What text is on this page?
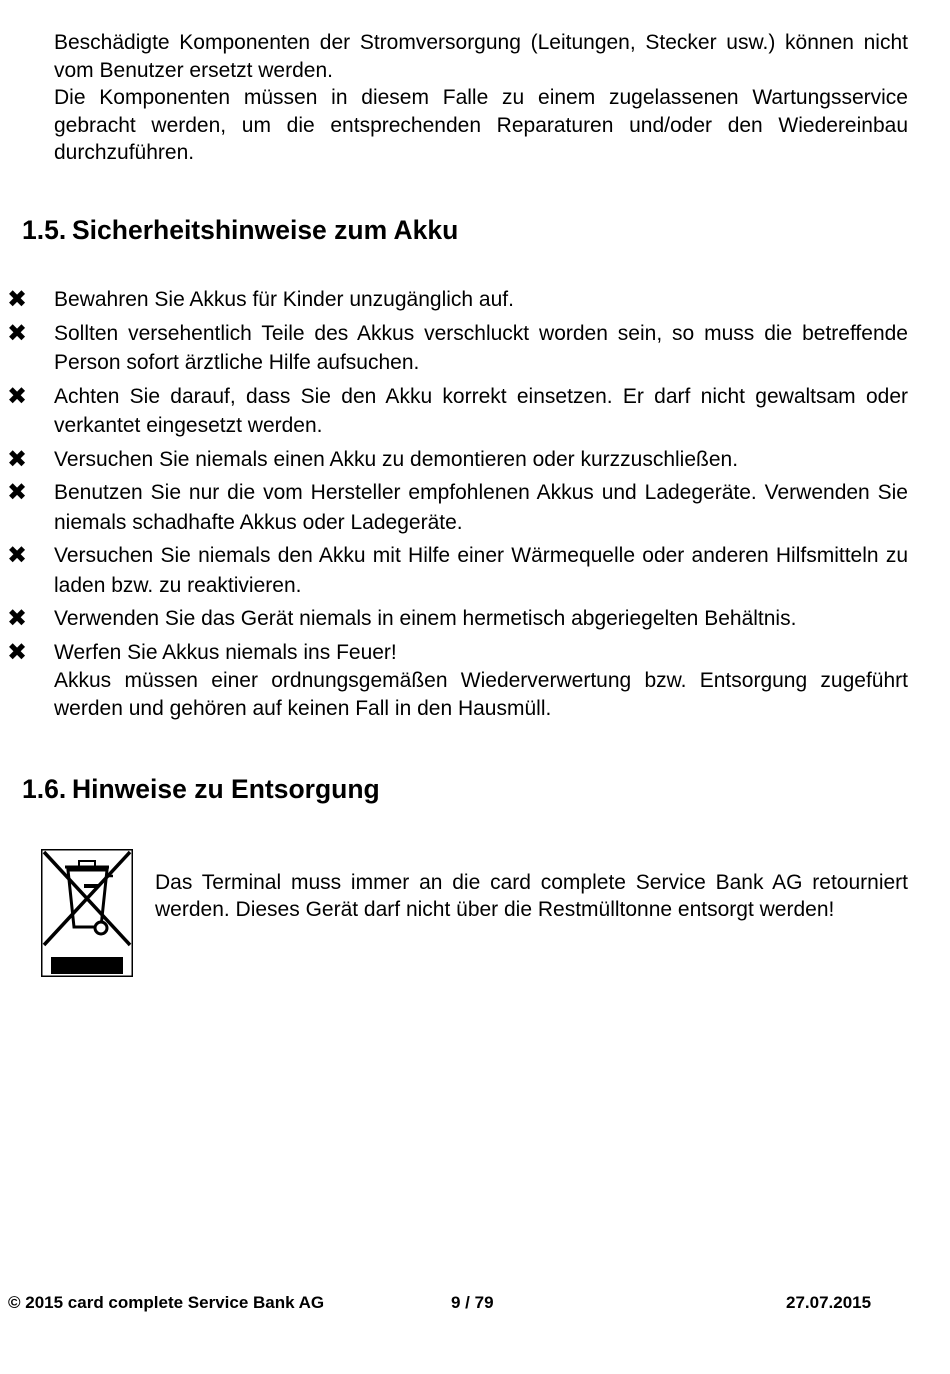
Beschädigte Komponenten der Stromversorgung (Leitungen, Stecker usw.) können nicht vom Benutzer ersetzt werden.
Die Komponenten müssen in diesem Falle zu einem zugelassenen Wartungsservice gebracht werden, um die entsprechenden Reparaturen und/oder den Wiedereinbau durchzuführen.
1.5. Sicherheitshinweise zum Akku
✖ Bewahren Sie Akkus für Kinder unzugänglich auf.
✖ Sollten versehentlich Teile des Akkus verschluckt worden sein, so muss die betreffende Person sofort ärztliche Hilfe aufsuchen.
✖ Achten Sie darauf, dass Sie den Akku korrekt einsetzen. Er darf nicht gewaltsam oder verkantet eingesetzt werden.
✖ Versuchen Sie niemals einen Akku zu demontieren oder kurzzuschließen.
✖ Benutzen Sie nur die vom Hersteller empfohlenen Akkus und Ladegeräte. Verwenden Sie niemals schadhafte Akkus oder Ladegeräte.
✖ Versuchen Sie niemals den Akku mit Hilfe einer Wärmequelle oder anderen Hilfsmitteln zu laden bzw. zu reaktivieren.
✖ Verwenden Sie das Gerät niemals in einem hermetisch abgeriegelten Behältnis.
✖ Werfen Sie Akkus niemals ins Feuer!
Akkus müssen einer ordnungsgemäßen Wiederverwertung bzw. Entsorgung zugeführt werden und gehören auf keinen Fall in den Hausmüll.
1.6. Hinweise zu Entsorgung

Das Terminal muss immer an die card complete Service Bank AG retourniert werden. Dieses Gerät darf nicht über die Restmülltonne entsorgt werden!

© 2015 card complete Service Bank AG	9 / 79	27.07.2015
